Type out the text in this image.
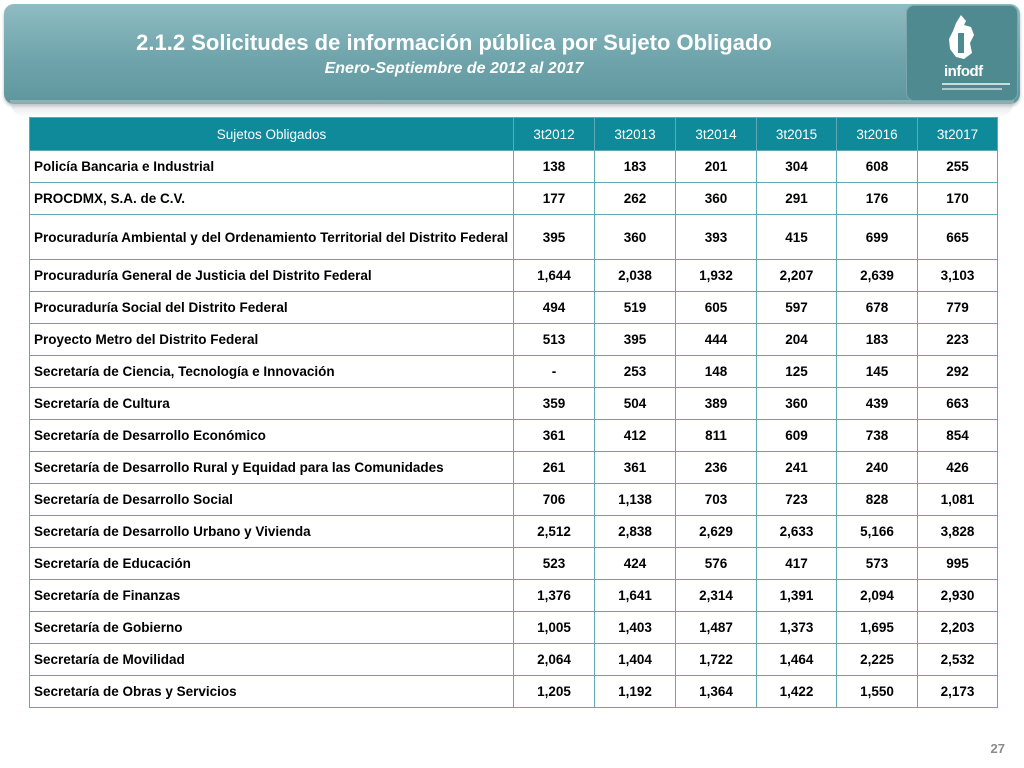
2.1.2 Solicitudes de información pública por Sujeto Obligado

Enero-Septiembre de 2012 al 2017	infodf
Sujetos Obligados	3t2012	3t2013	3t2014	3t2015	3t2016	3t2017
Policía Bancaria e Industrial	138	183	201	304	608	255
PROCDMX, S.A. de C.V.	177	262	360	291	176	170
Procuraduría Ambiental y del Ordenamiento Territorial del Distrito Federal	395	360	393	415	699	665
Procuraduría General de Justicia del Distrito Federal	1,644	2,038	1,932	2,207	2,639	3,103
Procuraduría Social del Distrito Federal	494	519	605	597	678	779
Proyecto Metro del Distrito Federal	513	395	444	204	183	223
Secretaría de Ciencia, Tecnología e Innovación	-	253	148	125	145	292
Secretaría de Cultura	359	504	389	360	439	663
Secretaría de Desarrollo Económico	361	412	811	609	738	854
Secretaría de Desarrollo Rural y Equidad para las Comunidades	261	361	236	241	240	426
Secretaría de Desarrollo Social	706	1,138	703	723	828	1,081
Secretaría de Desarrollo Urbano y Vivienda	2,512	2,838	2,629	2,633	5,166	3,828
Secretaría de Educación	523	424	576	417	573	995
Secretaría de Finanzas	1,376	1,641	2,314	1,391	2,094	2,930
Secretaría de Gobierno	1,005	1,403	1,487	1,373	1,695	2,203
Secretaría de Movilidad	2,064	1,404	1,722	1,464	2,225	2,532
Secretaría de Obras y Servicios	1,205	1,192	1,364	1,422	1,550	2,173
27
